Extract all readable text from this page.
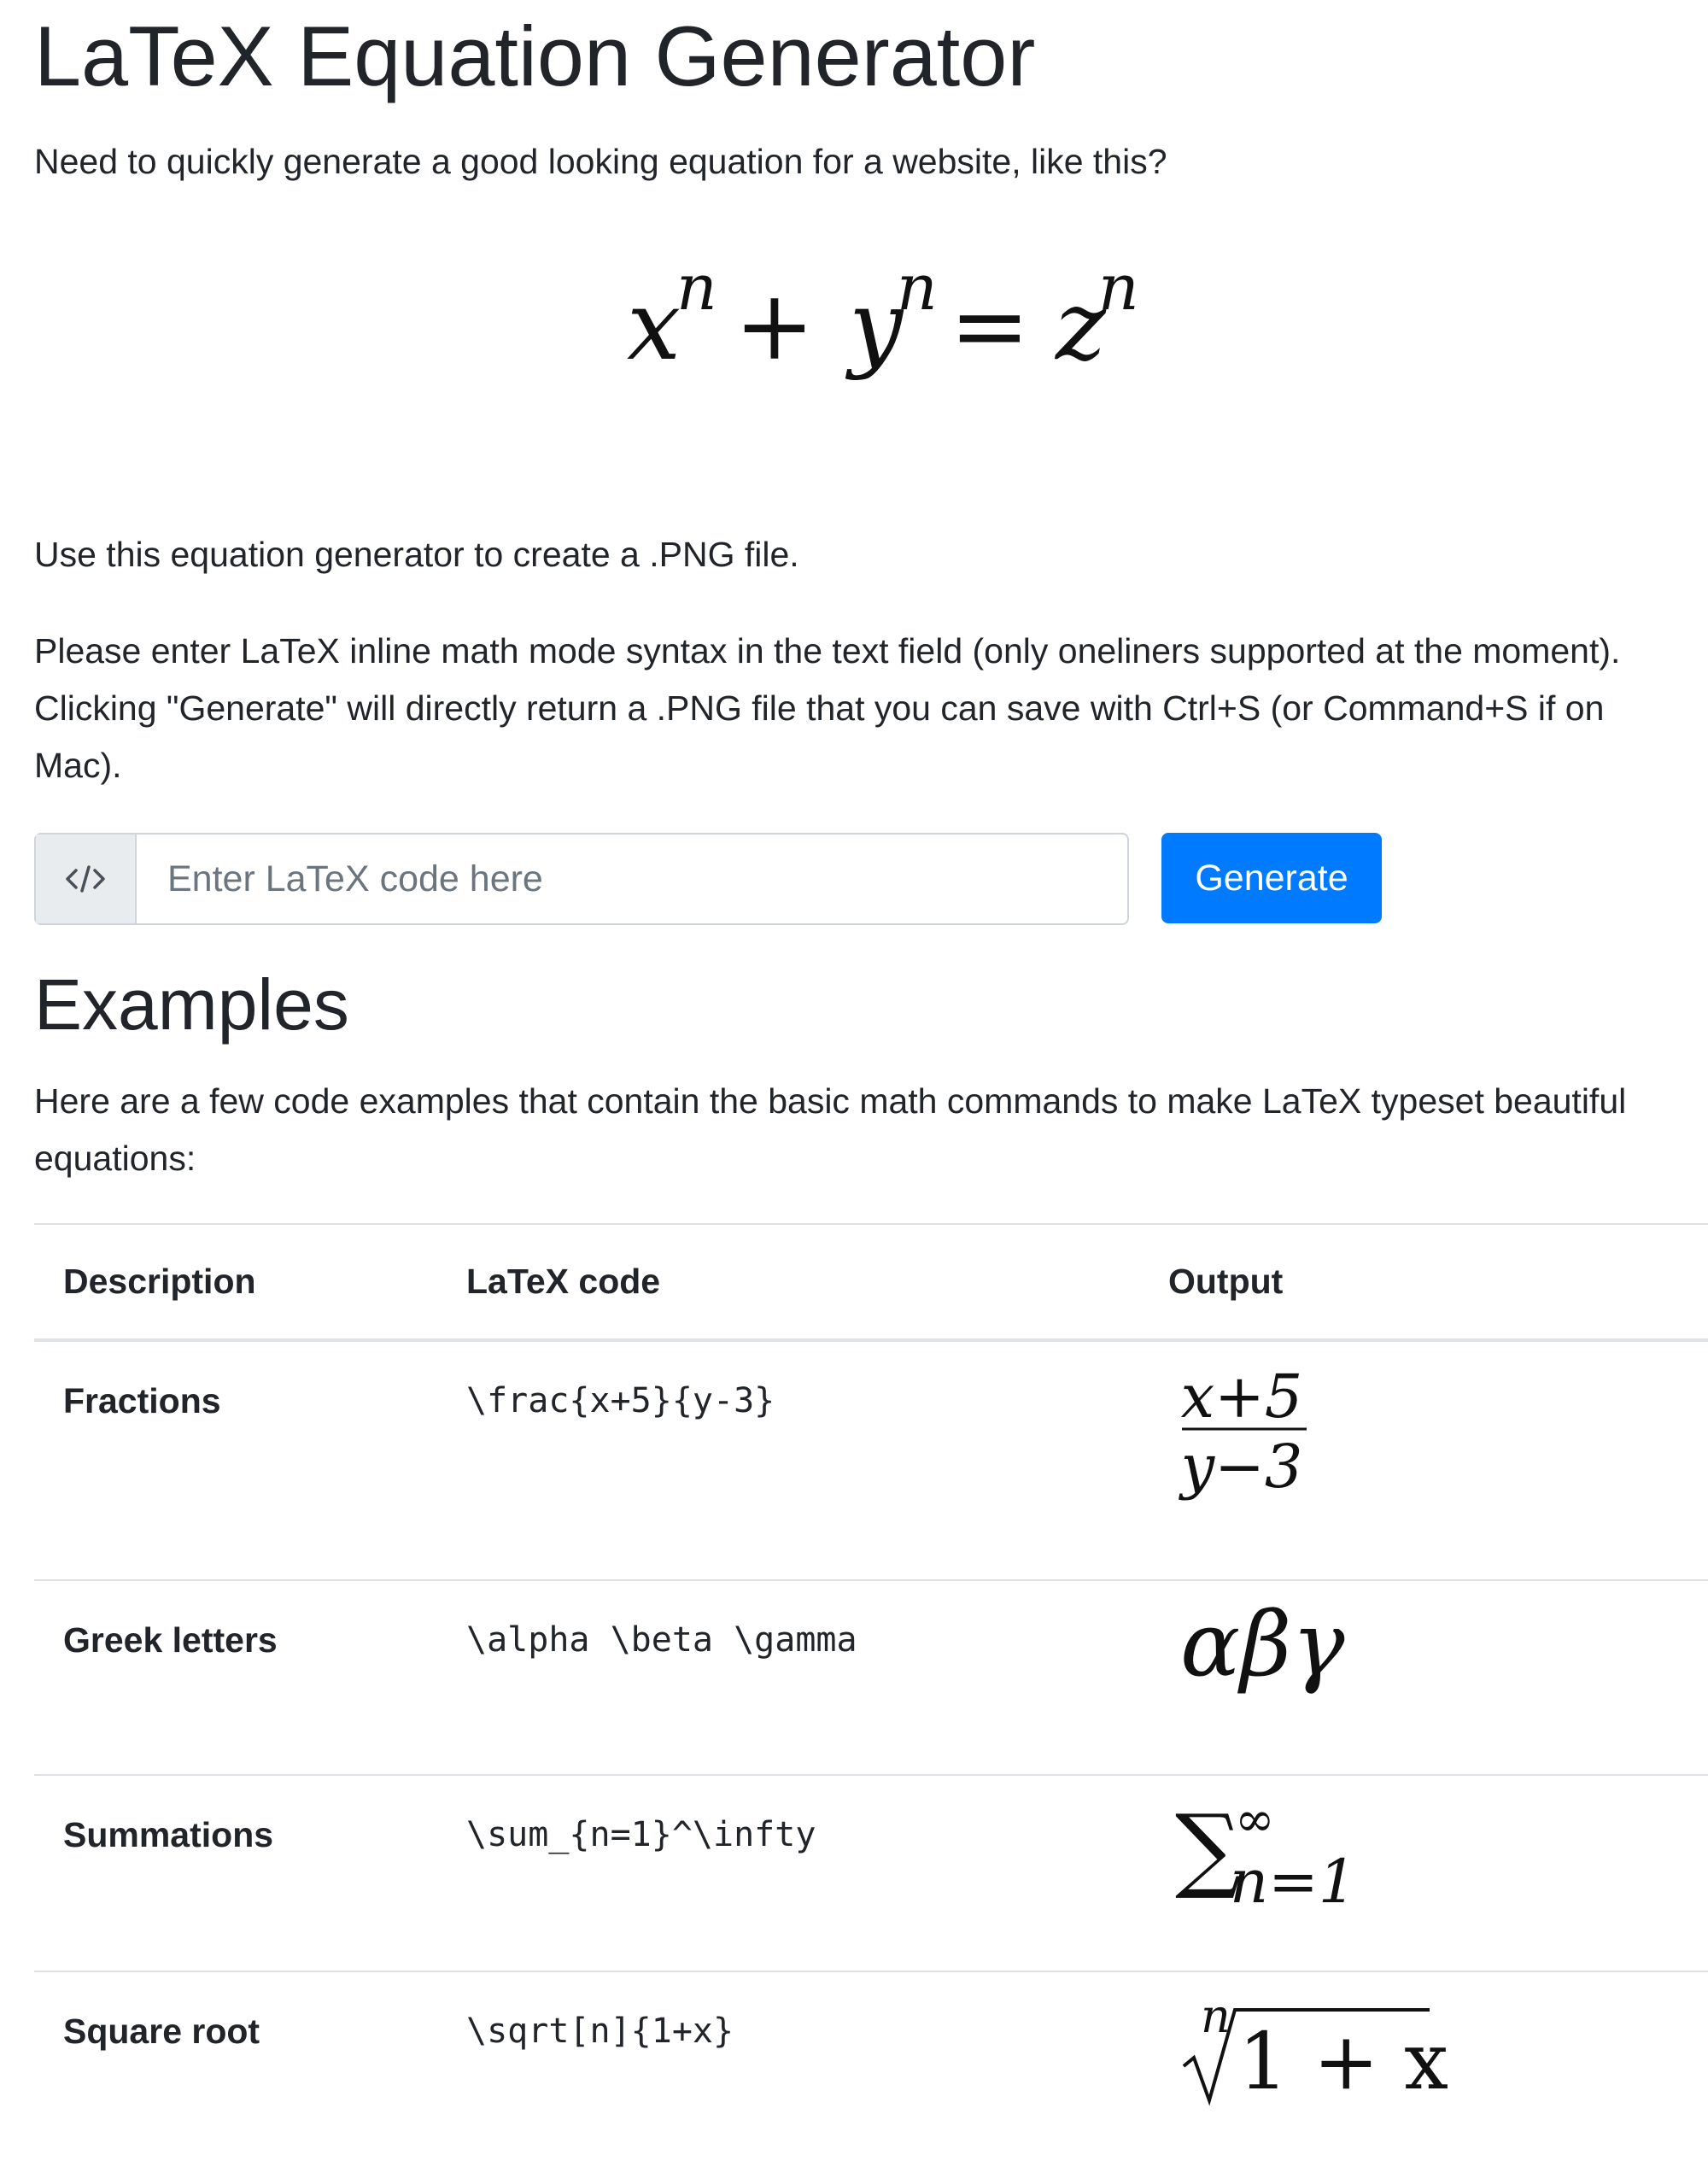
LaTeX Equation Generator

Need to quickly generate a good looking equation for a website, like this?

x
n y
n z
n
+ =

Use this equation generator to create a .PNG file.

Please enter LaTeX inline math mode syntax in the text field (only oneliners supported at the moment). Clicking "Generate" will directly return a .PNG file that you can save with Ctrl+S (or Command+S if on Mac).

Enter LaTeX code here
Generate
Examples

Here are a few code examples that contain the basic math commands to make LaTeX typeset beautiful equations:

Description	LaTeX code	Output
Fractions	\frac{x+5}{y-3}	x+5
y−3

Greek letters	\alpha \beta \gamma	αβγ

Summations	\sum_{n=1}^\infty	∑
∞
n=1

Square root	\sqrt[n]{1+x}	n 1 + x
